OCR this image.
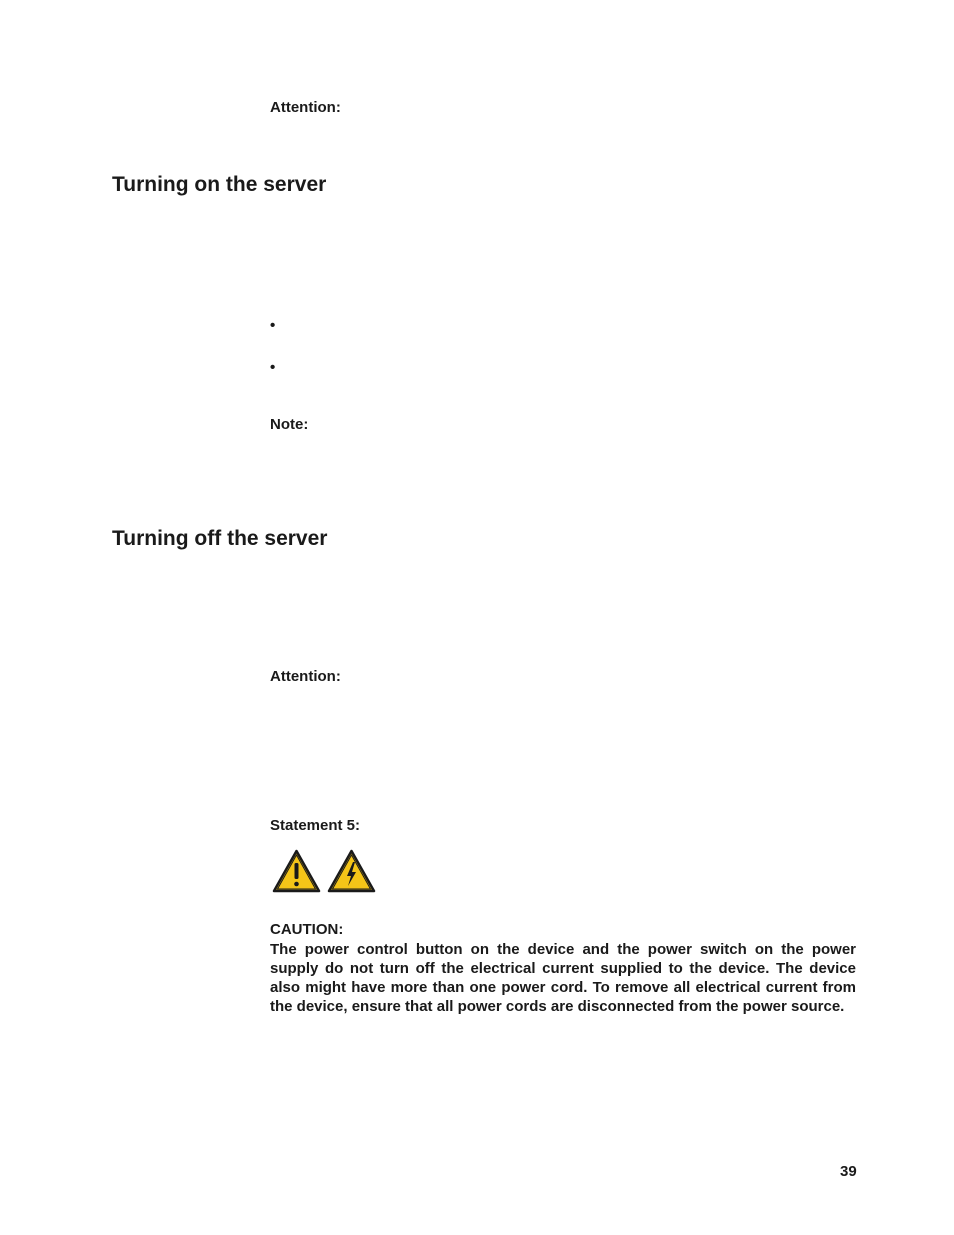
Attention:
Turning on the server
•
•
Note:
Turning off the server
Attention:
Statement 5:
CAUTION:
The power control button on the device and the power switch on the power supply do not turn off the electrical current supplied to the device. The device also might have more than one power cord. To remove all electrical current from the device, ensure that all power cords are disconnected from the power source.
39
